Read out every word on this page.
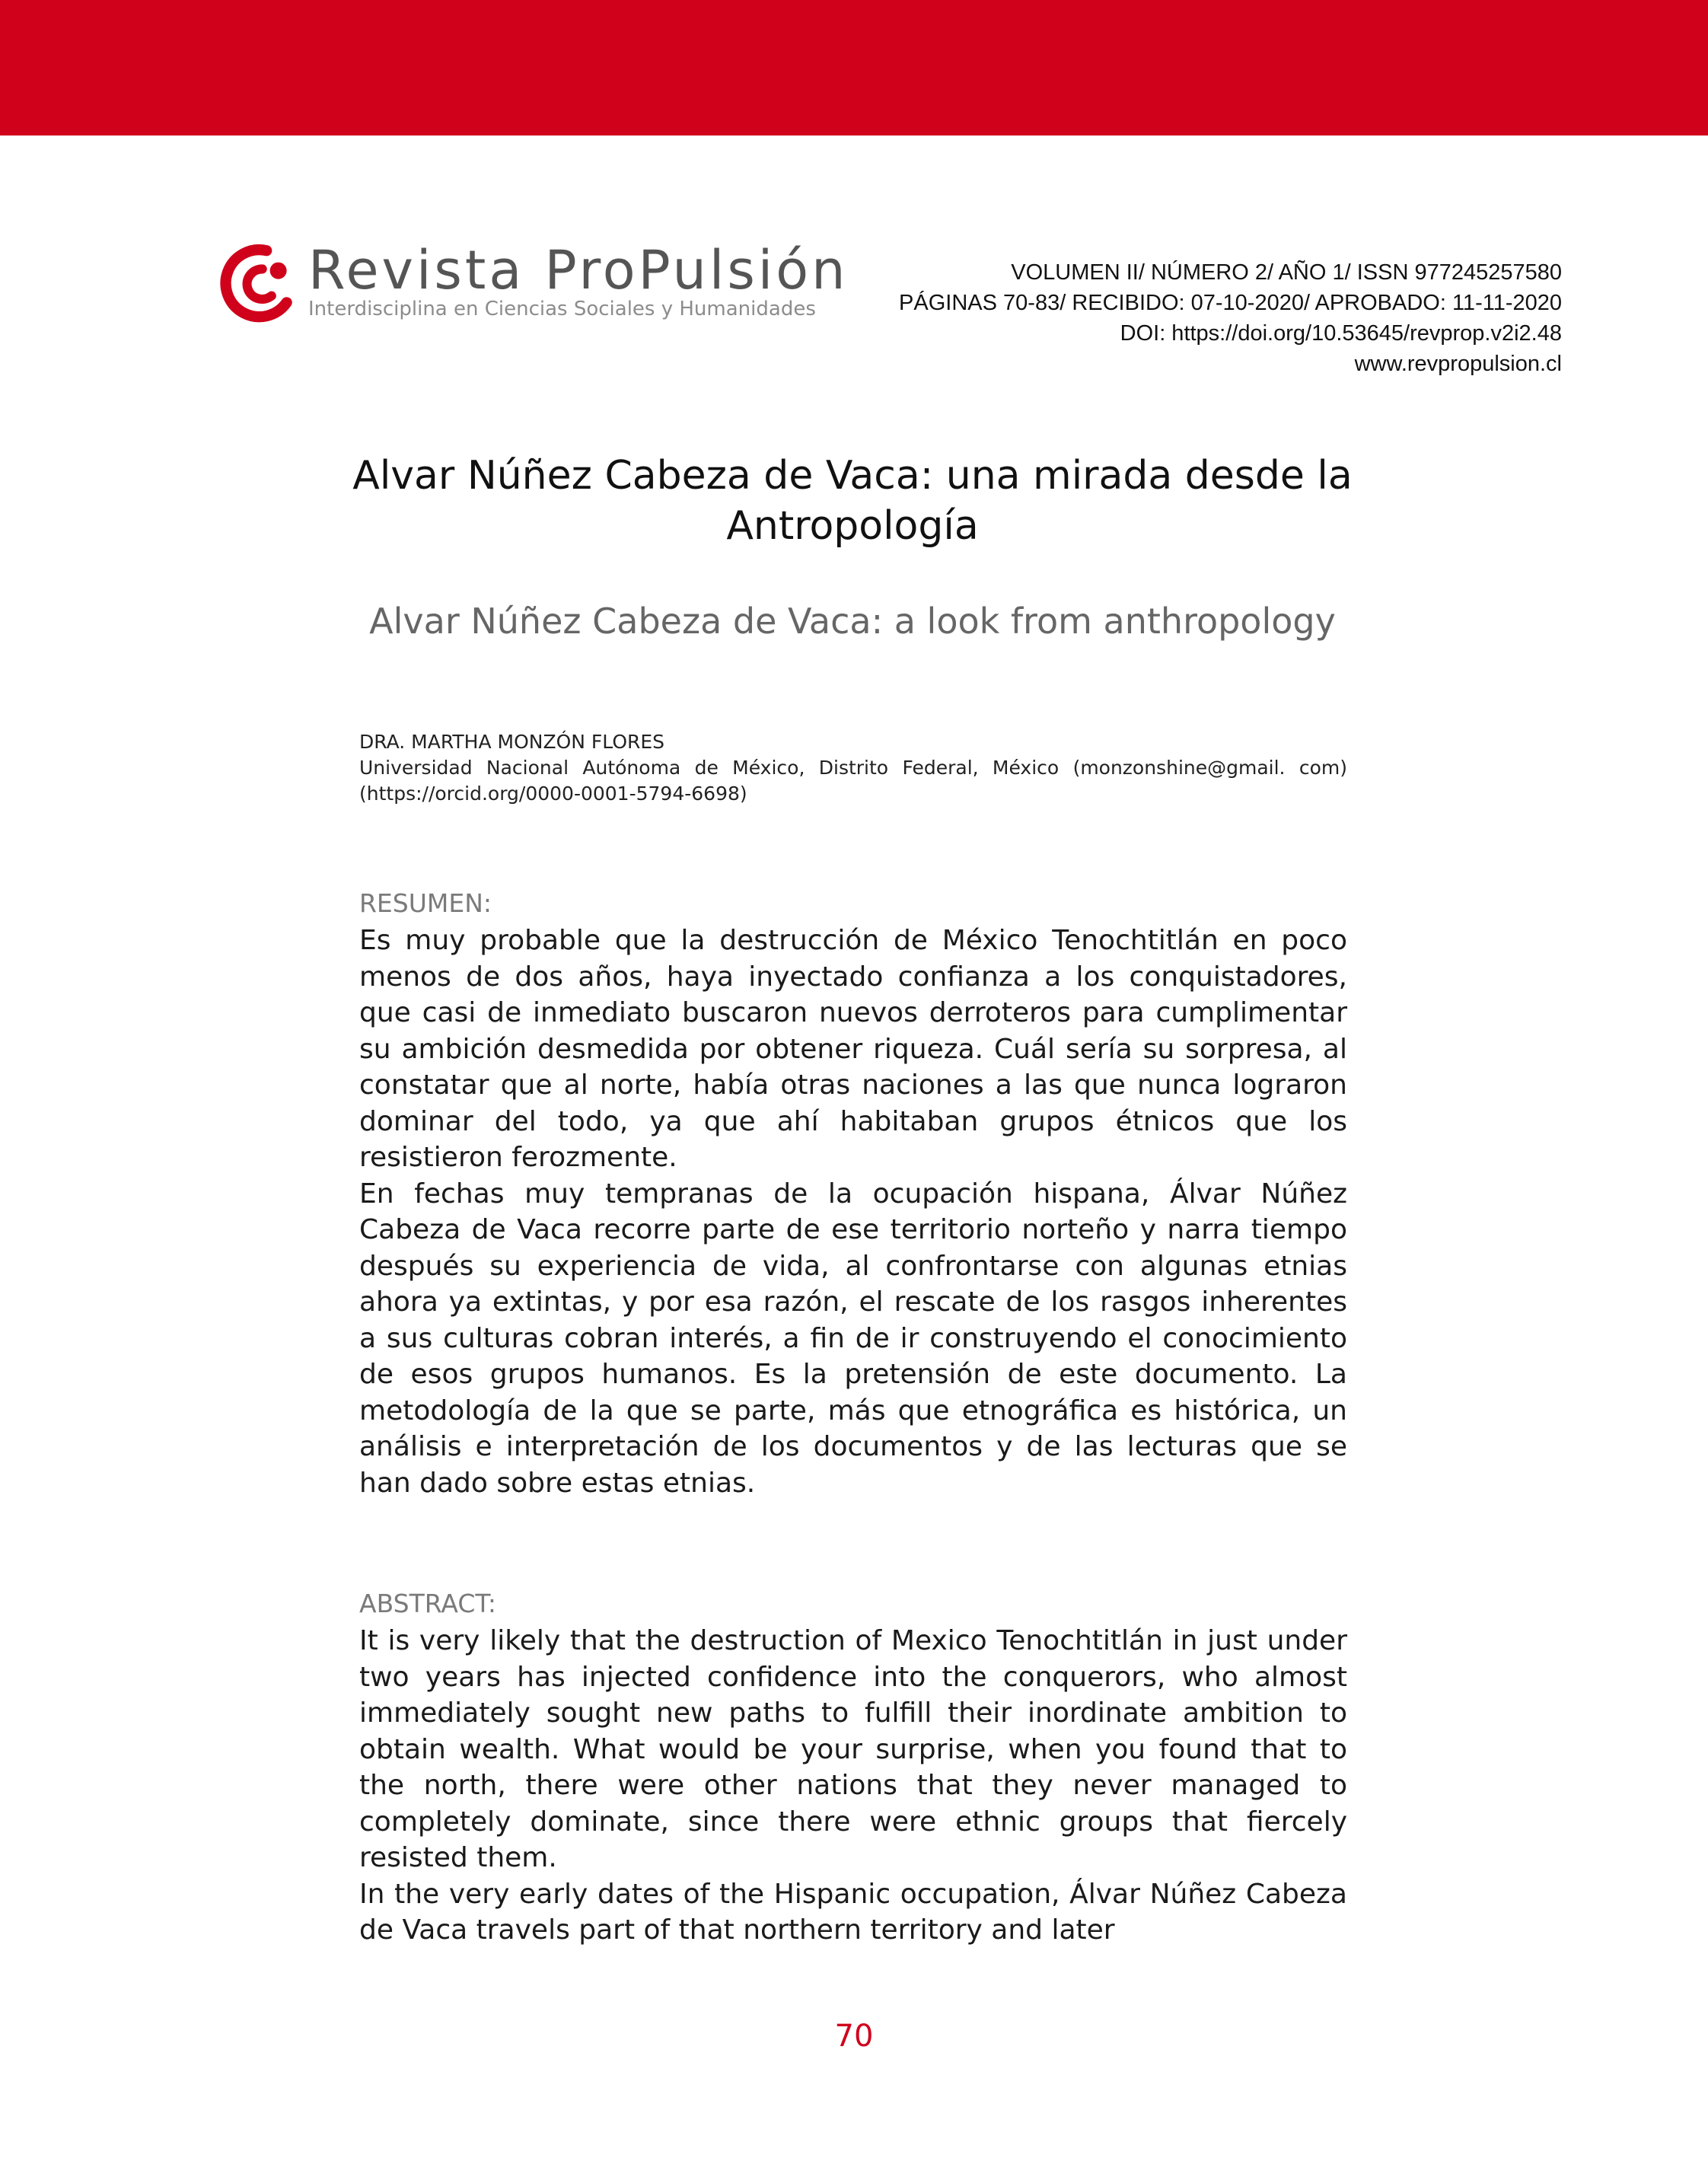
Revista ProPulsión
Interdisciplina en Ciencias Sociales y Humanidades
VOLUMEN II/ NÚMERO 2/ AÑO 1/ ISSN 977245257580
PÁGINAS 70-83/ RECIBIDO: 07-10-2020/ APROBADO: 11-11-2020
DOI: https://doi.org/10.53645/revprop.v2i2.48
www.revpropulsion.cl
Alvar Núñez Cabeza de Vaca: una mirada desde la Antropología
Alvar Núñez Cabeza de Vaca: a look from anthropology
DRA. MARTHA MONZÓN FLORES
Universidad Nacional Autónoma de México, Distrito Federal, México (monzonshine@gmail. com)(https://orcid.org/0000-0001-5794-6698)
RESUMEN:

Es muy probable que la destrucción de México Tenochtitlán en poco menos de dos años, haya inyectado confianza a los conquistadores, que casi de inmediato buscaron nuevos derroteros para cumplimentar su ambición desmedida por obtener riqueza. Cuál sería su sorpresa, al constatar que al norte, había otras naciones a las que nunca lograron dominar del todo, ya que ahí habitaban grupos étnicos que los resistieron ferozmente.

En fechas muy tempranas de la ocupación hispana, Álvar Núñez Cabeza de Vaca recorre parte de ese territorio norteño y narra tiempo después su experiencia de vida, al confrontarse con algunas etnias ahora ya extintas, y por esa razón, el rescate de los rasgos inherentes a sus culturas cobran interés, a fin de ir construyendo el conocimiento de esos grupos humanos. Es la pretensión de este documento. La metodología de la que se parte, más que etnográfica es histórica, un análisis e interpretación de los documentos y de las lecturas que se han dado sobre estas etnias.

ABSTRACT:

It is very likely that the destruction of Mexico Tenochtitlán in just under two years has injected confidence into the conquerors, who almost immediately sought new paths to fulfill their inordinate ambition to obtain wealth. What would be your surprise, when you found that to the north, there were other nations that they never managed to completely dominate, since there were ethnic groups that fiercely resisted them.

In the very early dates of the Hispanic occupation, Álvar Núñez Cabeza de Vaca travels part of that northern territory and later

70
